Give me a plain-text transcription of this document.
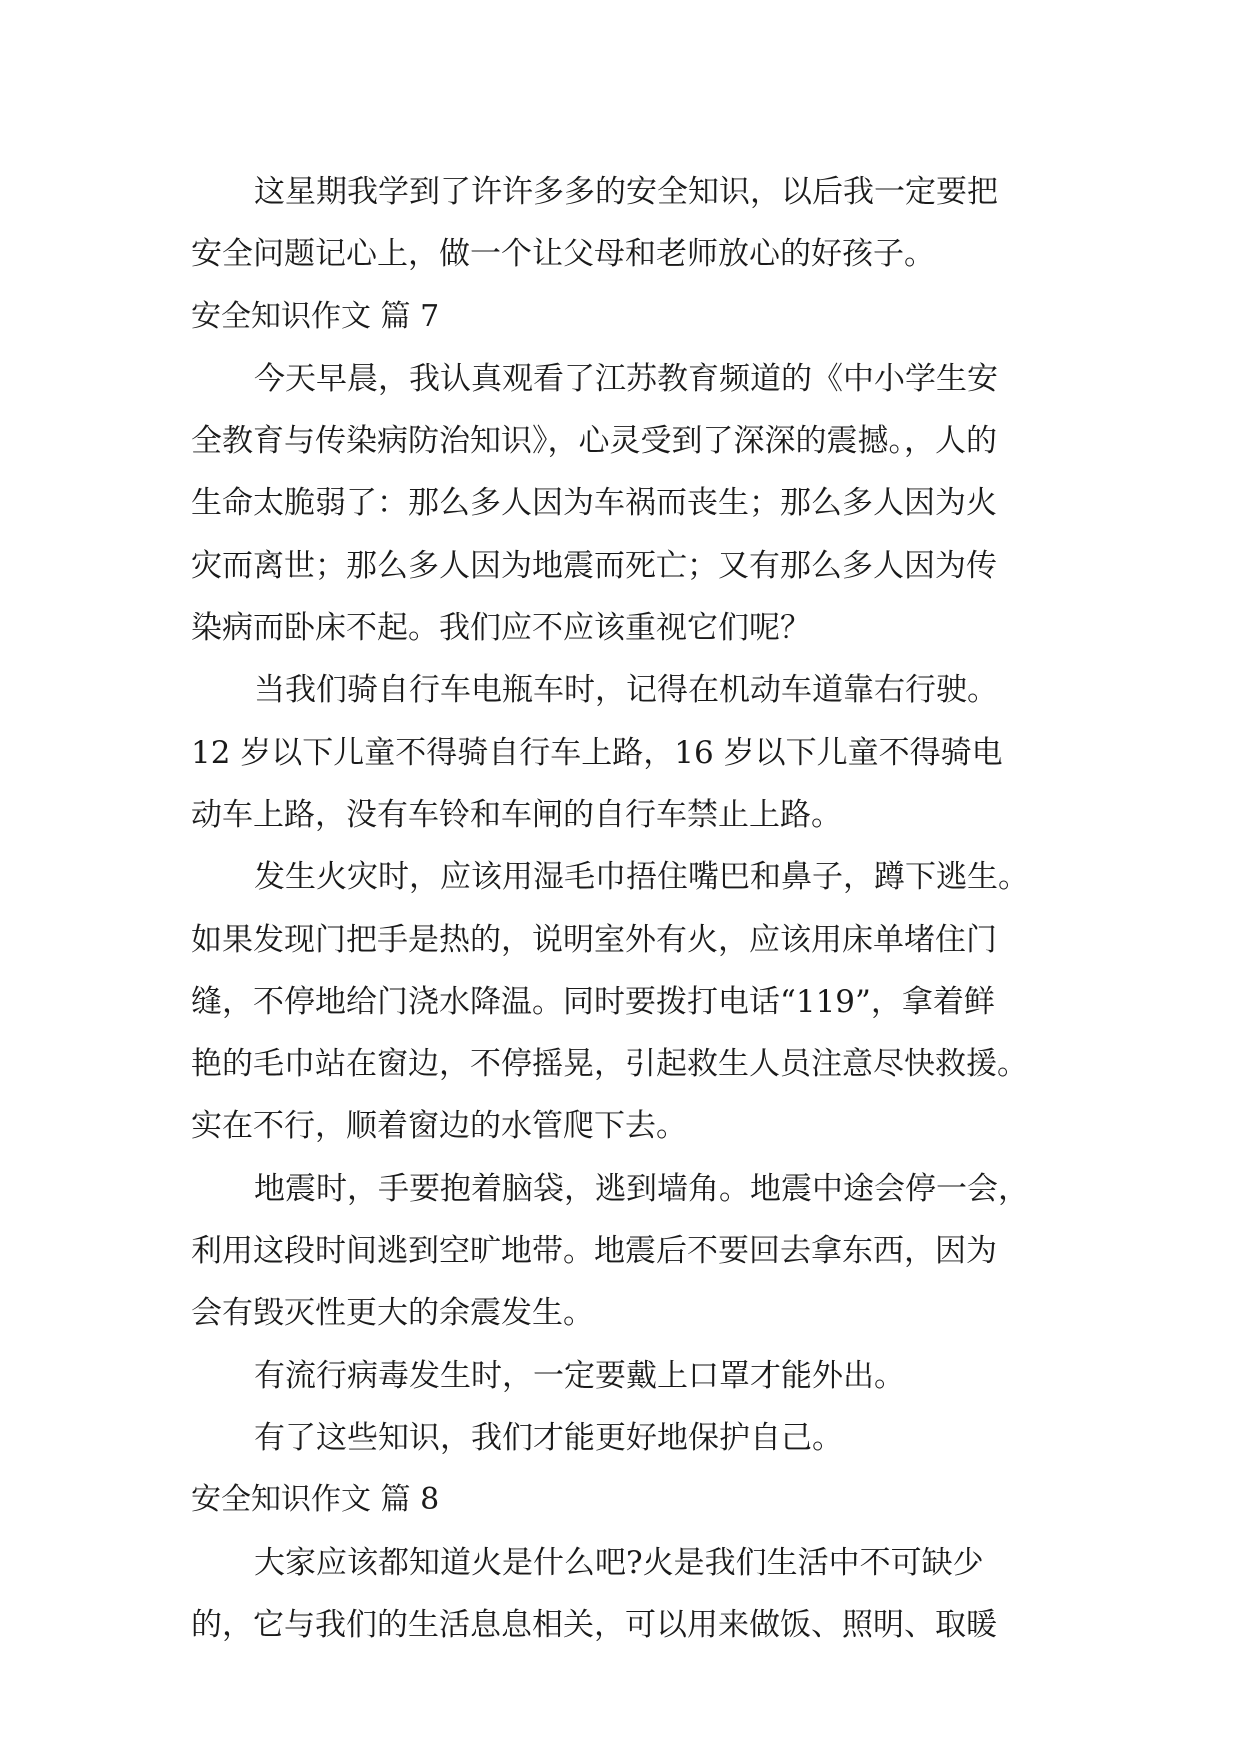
这星期我学到了许许多多的安全知识，以后我一定要把
安全问题记心上，做一个让父母和老师放心的好孩子。
安全知识作文 篇 7
今天早晨，我认真观看了江苏教育频道的《中小学生安
全教育与传染病防治知识》，心灵受到了深深的震撼。，人的
生命太脆弱了：那么多人因为车祸而丧生；那么多人因为火
灾而离世；那么多人因为地震而死亡；又有那么多人因为传
染病而卧床不起。我们应不应该重视它们呢？
当我们骑自行车电瓶车时，记得在机动车道靠右行驶。
12 岁以下儿童不得骑自行车上路，16 岁以下儿童不得骑电
动车上路，没有车铃和车闸的自行车禁止上路。
发生火灾时，应该用湿毛巾捂住嘴巴和鼻子，蹲下逃生。
如果发现门把手是热的，说明室外有火，应该用床单堵住门
缝，不停地给门浇水降温。同时要拨打电话“119”，拿着鲜
艳的毛巾站在窗边，不停摇晃，引起救生人员注意尽快救援。
实在不行，顺着窗边的水管爬下去。
地震时，手要抱着脑袋，逃到墙角。地震中途会停一会，
利用这段时间逃到空旷地带。地震后不要回去拿东西，因为
会有毁灭性更大的余震发生。
有流行病毒发生时，一定要戴上口罩才能外出。
有了这些知识，我们才能更好地保护自己。
安全知识作文 篇 8
大家应该都知道火是什么吧?火是我们生活中不可缺少
的，它与我们的生活息息相关，可以用来做饭、照明、取暖
